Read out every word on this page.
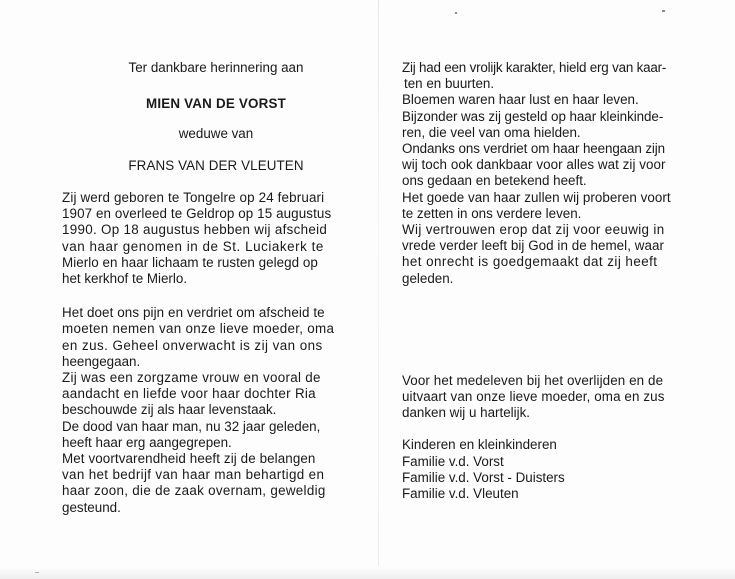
Ter dankbare herinnering aan
MIEN VAN DE VORST
weduwe van
FRANS VAN DER VLEUTEN
Zij werd geboren te Tongelre op 24 februari
1907 en overleed te Geldrop op 15 augustus
1990. Op 18 augustus hebben wij afscheid
van haar genomen in de St. Luciakerk te
Mierlo en haar lichaam te rusten gelegd op
het kerkhof te Mierlo.
Het doet ons pijn en verdriet om afscheid te
moeten nemen van onze lieve moeder, oma
en zus. Geheel onverwacht is zij van ons
heengegaan.
Zij was een zorgzame vrouw en vooral de
aandacht en liefde voor haar dochter Ria
beschouwde zij als haar levenstaak.
De dood van haar man, nu 32 jaar geleden,
heeft haar erg aangegrepen.
Met voortvarendheid heeft zij de belangen
van het bedrijf van haar man behartigd en
haar zoon, die de zaak overnam, geweldig
gesteund.
Zij had een vrolijk karakter, hield erg van kaar-
ten en buurten.
Bloemen waren haar lust en haar leven.
Bijzonder was zij gesteld op haar kleinkinde-
ren, die veel van oma hielden.
Ondanks ons verdriet om haar heengaan zijn
wij toch ook dankbaar voor alles wat zij voor
ons gedaan en betekend heeft.
Het goede van haar zullen wij proberen voort
te zetten in ons verdere leven.
Wij vertrouwen erop dat zij voor eeuwig in
vrede verder leeft bij God in de hemel, waar
het onrecht is goedgemaakt dat zij heeft
geleden.
Voor het medeleven bij het overlijden en de
uitvaart van onze lieve moeder, oma en zus
danken wij u hartelijk.
Kinderen en kleinkinderen
Familie v.d. Vorst
Familie v.d. Vorst - Duisters
Familie v.d. Vleuten
